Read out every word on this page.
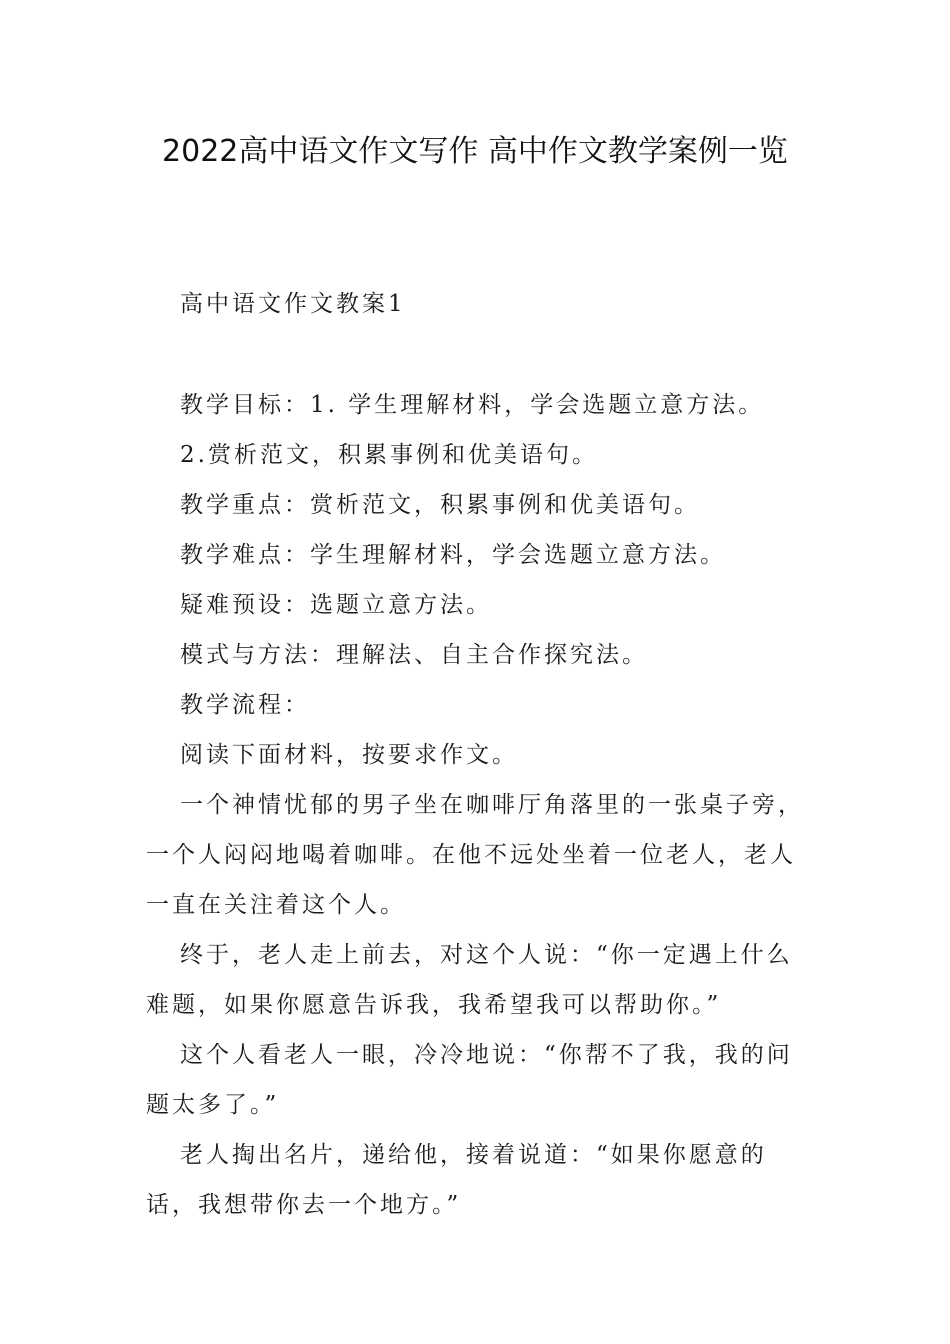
2022高中语文作文写作 高中作文教学案例一览

高中语文作文教案1

教学目标：1. 学生理解材料，学会选题立意方法。

2.赏析范文，积累事例和优美语句。

教学重点：赏析范文，积累事例和优美语句。

教学难点：学生理解材料，学会选题立意方法。

疑难预设：选题立意方法。

模式与方法：理解法、自主合作探究法。

教学流程：

阅读下面材料，按要求作文。

一个神情忧郁的男子坐在咖啡厅角落里的一张桌子旁，一个人闷闷地喝着咖啡。在他不远处坐着一位老人，老人一直在关注着这个人。

终于，老人走上前去，对这个人说：“你一定遇上什么难题，如果你愿意告诉我，我希望我可以帮助你。”

这个人看老人一眼，冷冷地说：“你帮不了我，我的问题太多了。”

老人掏出名片，递给他，接着说道：“如果你愿意的话，我想带你去一个地方。”
